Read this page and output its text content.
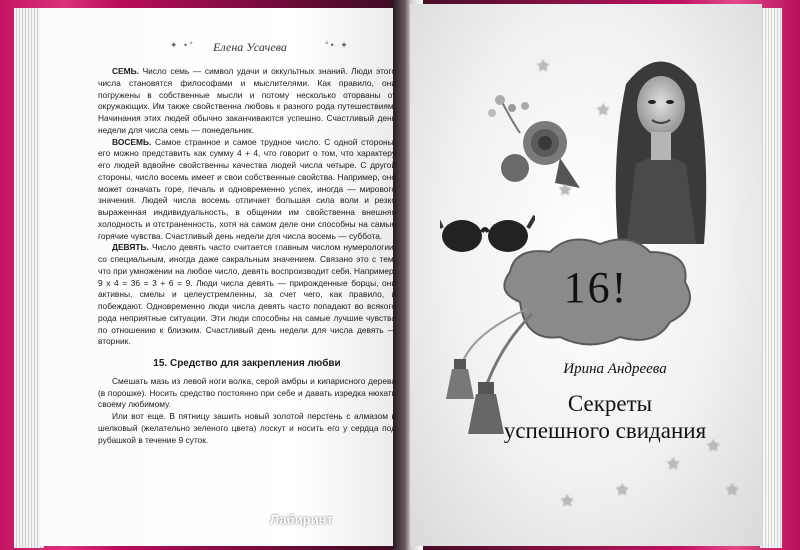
✦ •°	Елена Усачева	°• ✦

СЕМЬ. Число семь — символ удачи и оккультных знаний. Люди этого числа становятся философами и мыслителями. Как правило, они погружены в собственные мысли и потому несколько оторваны от окружающих. Им также свойственна любовь к разного рода путешествиям. Начинания этих людей обычно заканчиваются успешно. Счастливый день недели для числа семь — понедельник.

ВОСЕМЬ. Самое странное и самое трудное число. С одной стороны, его можно представить как сумму 4 + 4, что говорит о том, что характеру его людей вдвойне свойственны качества людей числа четыре. С другой стороны, число восемь имеет и свои собственные свойства. Например, оно может означать горе, печаль и одновременно успех, иногда — мирового значения. Людей числа восемь отличает большая сила воли и резко выраженная индивидуальность, в общении им свойственна внешняя холодность и отстраненность, хотя на самом деле они способны на самые горячие чувства. Счастливый день недели для числа восемь — суббота.

ДЕВЯТЬ. Число девять часто считается главным числом нумерологии, со специальным, иногда даже сакральным значением. Связано это с тем, что при умножении на любое число, девять воспроизводит себя. Например, 9 х 4 = 36 = 3 + 6 = 9. Люди числа девять — прирожденные борцы, они активны, смелы и целеустремленны, за счет чего, как правило, и побеждают. Одновременно люди числа девять часто попадают во всякого рода неприятные ситуации. Эти люди способны на самые лучшие чувства по отношению к близким. Счастливый день недели для числа девять — вторник.

15. Средство для закрепления любви

Смешать мазь из левой ноги волка, серой амбры и кипарисного дерева (в порошке). Носить средство постоянно при себе и давать изредка нюхать своему любимому.

Или вот еще. В пятницу зашить новый золотой перстень с алмазом в шелковый (желательно зеленого цвета) лоскут и носить его у сердца под рубашкой в течение 9 суток.

16!
Ирина Андреева
Секреты
успешного свидания
★
★
★
★
★
★
★	★
Лабиринт
